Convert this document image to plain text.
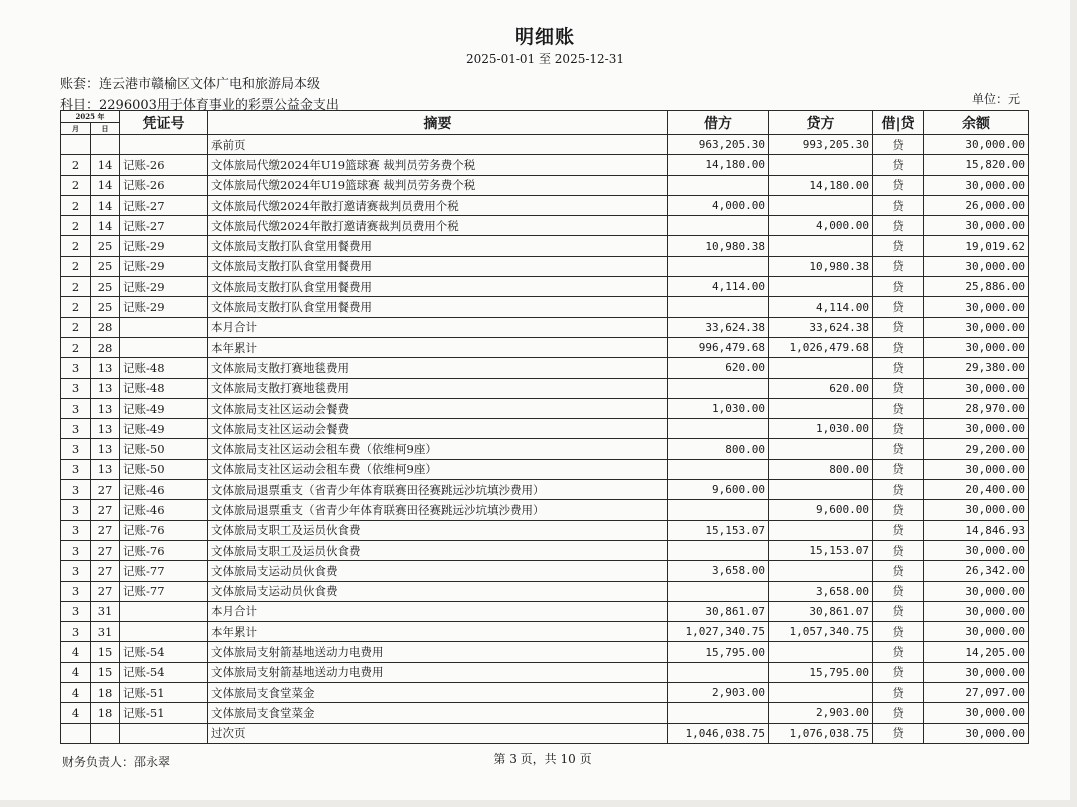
明细账
2025-01-01 至 2025-12-31
账套：连云港市赣榆区文体广电和旅游局本级
科目：2296003用于体育事业的彩票公益金支出	单位：元
2025 年		凭证号	摘要	借方	贷方	借|贷	余额
月	日						
			承前页	963,205.30	993,205.30	贷	30,000.00
2	14	记账-26	文体旅局代缴2024年U19篮球赛 裁判员劳务费个税	14,180.00		贷	15,820.00
2	14	记账-26	文体旅局代缴2024年U19篮球赛 裁判员劳务费个税		14,180.00	贷	30,000.00
2	14	记账-27	文体旅局代缴2024年散打邀请赛裁判员费用个税	4,000.00		贷	26,000.00
2	14	记账-27	文体旅局代缴2024年散打邀请赛裁判员费用个税		4,000.00	贷	30,000.00
2	25	记账-29	文体旅局支散打队食堂用餐费用	10,980.38		贷	19,019.62
2	25	记账-29	文体旅局支散打队食堂用餐费用		10,980.38	贷	30,000.00
2	25	记账-29	文体旅局支散打队食堂用餐费用	4,114.00		贷	25,886.00
2	25	记账-29	文体旅局支散打队食堂用餐费用		4,114.00	贷	30,000.00
2	28		本月合计	33,624.38	33,624.38	贷	30,000.00
2	28		本年累计	996,479.68	1,026,479.68	贷	30,000.00
3	13	记账-48	文体旅局支散打赛地毯费用	620.00		贷	29,380.00
3	13	记账-48	文体旅局支散打赛地毯费用		620.00	贷	30,000.00
3	13	记账-49	文体旅局支社区运动会餐费	1,030.00		贷	28,970.00
3	13	记账-49	文体旅局支社区运动会餐费		1,030.00	贷	30,000.00
3	13	记账-50	文体旅局支社区运动会租车费（依维柯9座）	800.00		贷	29,200.00
3	13	记账-50	文体旅局支社区运动会租车费（依维柯9座）		800.00	贷	30,000.00
3	27	记账-46	文体旅局退票重支（省青少年体育联赛田径赛跳远沙坑填沙费用）	9,600.00		贷	20,400.00
3	27	记账-46	文体旅局退票重支（省青少年体育联赛田径赛跳远沙坑填沙费用）		9,600.00	贷	30,000.00
3	27	记账-76	文体旅局支职工及运员伙食费	15,153.07		贷	14,846.93
3	27	记账-76	文体旅局支职工及运员伙食费		15,153.07	贷	30,000.00
3	27	记账-77	文体旅局支运动员伙食费	3,658.00		贷	26,342.00
3	27	记账-77	文体旅局支运动员伙食费		3,658.00	贷	30,000.00
3	31		本月合计	30,861.07	30,861.07	贷	30,000.00
3	31		本年累计	1,027,340.75	1,057,340.75	贷	30,000.00
4	15	记账-54	文体旅局支射箭基地送动力电费用	15,795.00		贷	14,205.00
4	15	记账-54	文体旅局支射箭基地送动力电费用		15,795.00	贷	30,000.00
4	18	记账-51	文体旅局支食堂菜金	2,903.00		贷	27,097.00
4	18	记账-51	文体旅局支食堂菜金		2,903.00	贷	30,000.00
			过次页	1,046,038.75	1,076,038.75	贷	30,000.00
财务负责人：邵永翠	第 3 页，共 10 页
